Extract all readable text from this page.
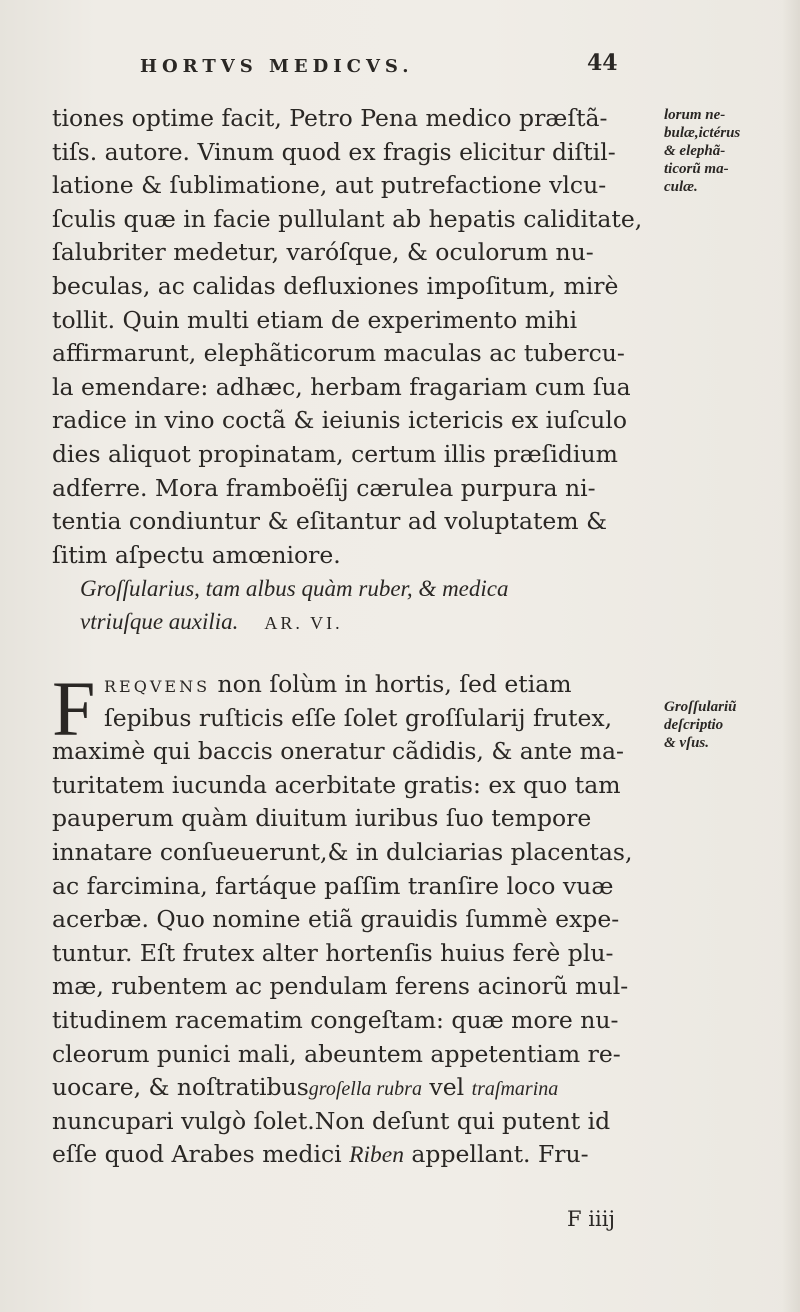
HORTVS MEDICVS.	44
tiones optime facit, Petro Pena medico præſtã-
tiſs. autore. Vinum quod ex fragis elicitur diſtil-
latione & ſublimatione, aut putrefactione vlcu-
ſculis quæ in facie pullulant ab hepatis caliditate,
ſalubriter medetur, varóſque, & oculorum nu-
beculas, ac calidas defluxiones impoſitum, mirè
tollit. Quin multi etiam de experimento mihi
affirmarunt, elephãticorum maculas ac tubercu-
la emendare: adhæc, herbam fragariam cum ſua
radice in vino coctã & ieiunis ictericis ex iuſculo
dies aliquot propinatam, certum illis præſidium
adferre. Mora framboëſij cærulea purpura ni-
tentia condiuntur & eſitantur ad voluptatem &
ſitim aſpectu amœniore.
Groſſularius, tam albus quàm ruber, & medica
vtriuſque auxilia. AR. VI.
F REQVENS non ſolùm in hortis, ſed etiam
ſepibus ruſticis eſſe ſolet groſſularij frutex,
maximè qui baccis oneratur cãdidis, & ante ma-
turitatem iucunda acerbitate gratis: ex quo tam
pauperum quàm diuitum iuribus ſuo tempore
innatare conſueuerunt,& in dulciarias placentas,
ac farcimina, fartáque paſſim tranſire loco vuæ
acerbæ. Quo nomine etiã grauidis ſummè expe-
tuntur. Eſt frutex alter hortenſis huius ferè plu-
mæ, rubentem ac pendulam ferens acinorũ mul-
titudinem racematim congeſtam: quæ more nu-
cleorum punici mali, abeuntem appetentiam re-
uocare, & noſtratibusgroſella rubra vel traſmarina
nuncupari vulgò ſolet.Non deſunt qui putent id
eſſe quod Arabes medici Riben appellant. Fru-
F iiij
lorum ne-
bulæ,ictérus
& elephã-
ticorũ ma-
culæ.
Groſſulariũ
deſcriptio
& vſus.
